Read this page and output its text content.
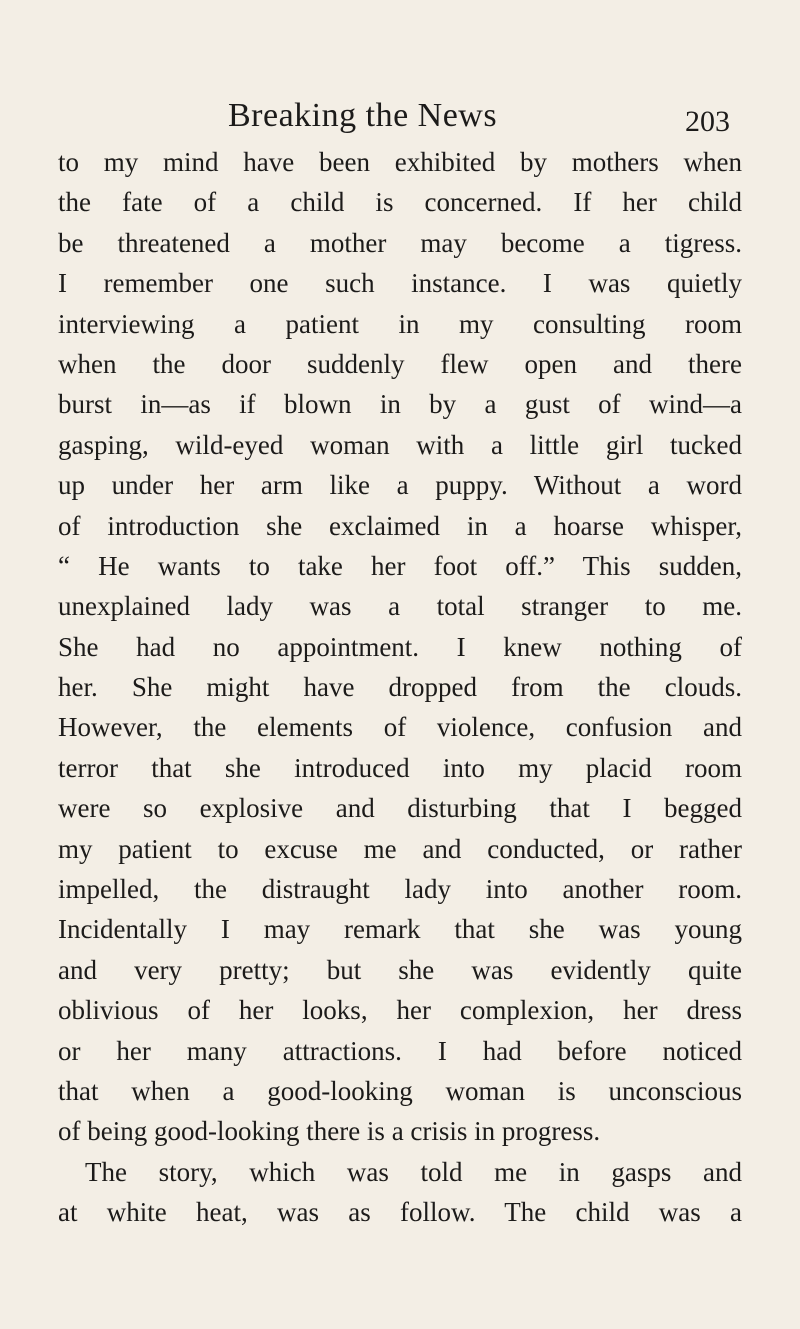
Breaking the News	203
to my mind have been exhibited by mothers when
the fate of a child is concerned. If her child
be threatened a mother may become a tigress.
I remember one such instance. I was quietly
interviewing a patient in my consulting room
when the door suddenly flew open and there
burst in—as if blown in by a gust of wind—a
gasping, wild-eyed woman with a little girl tucked
up under her arm like a puppy. Without a word
of introduction she exclaimed in a hoarse whisper,
“ He wants to take her foot off.” This sudden,
unexplained lady was a total stranger to me.
She had no appointment. I knew nothing of
her. She might have dropped from the clouds.
However, the elements of violence, confusion and
terror that she introduced into my placid room
were so explosive and disturbing that I begged
my patient to excuse me and conducted, or rather
impelled, the distraught lady into another room.
Incidentally I may remark that she was young
and very pretty; but she was evidently quite
oblivious of her looks, her complexion, her dress
or her many attractions. I had before noticed
that when a good-looking woman is unconscious
of being good-looking there is a crisis in progress.
The story, which was told me in gasps and
at white heat, was as follow. The child was a
